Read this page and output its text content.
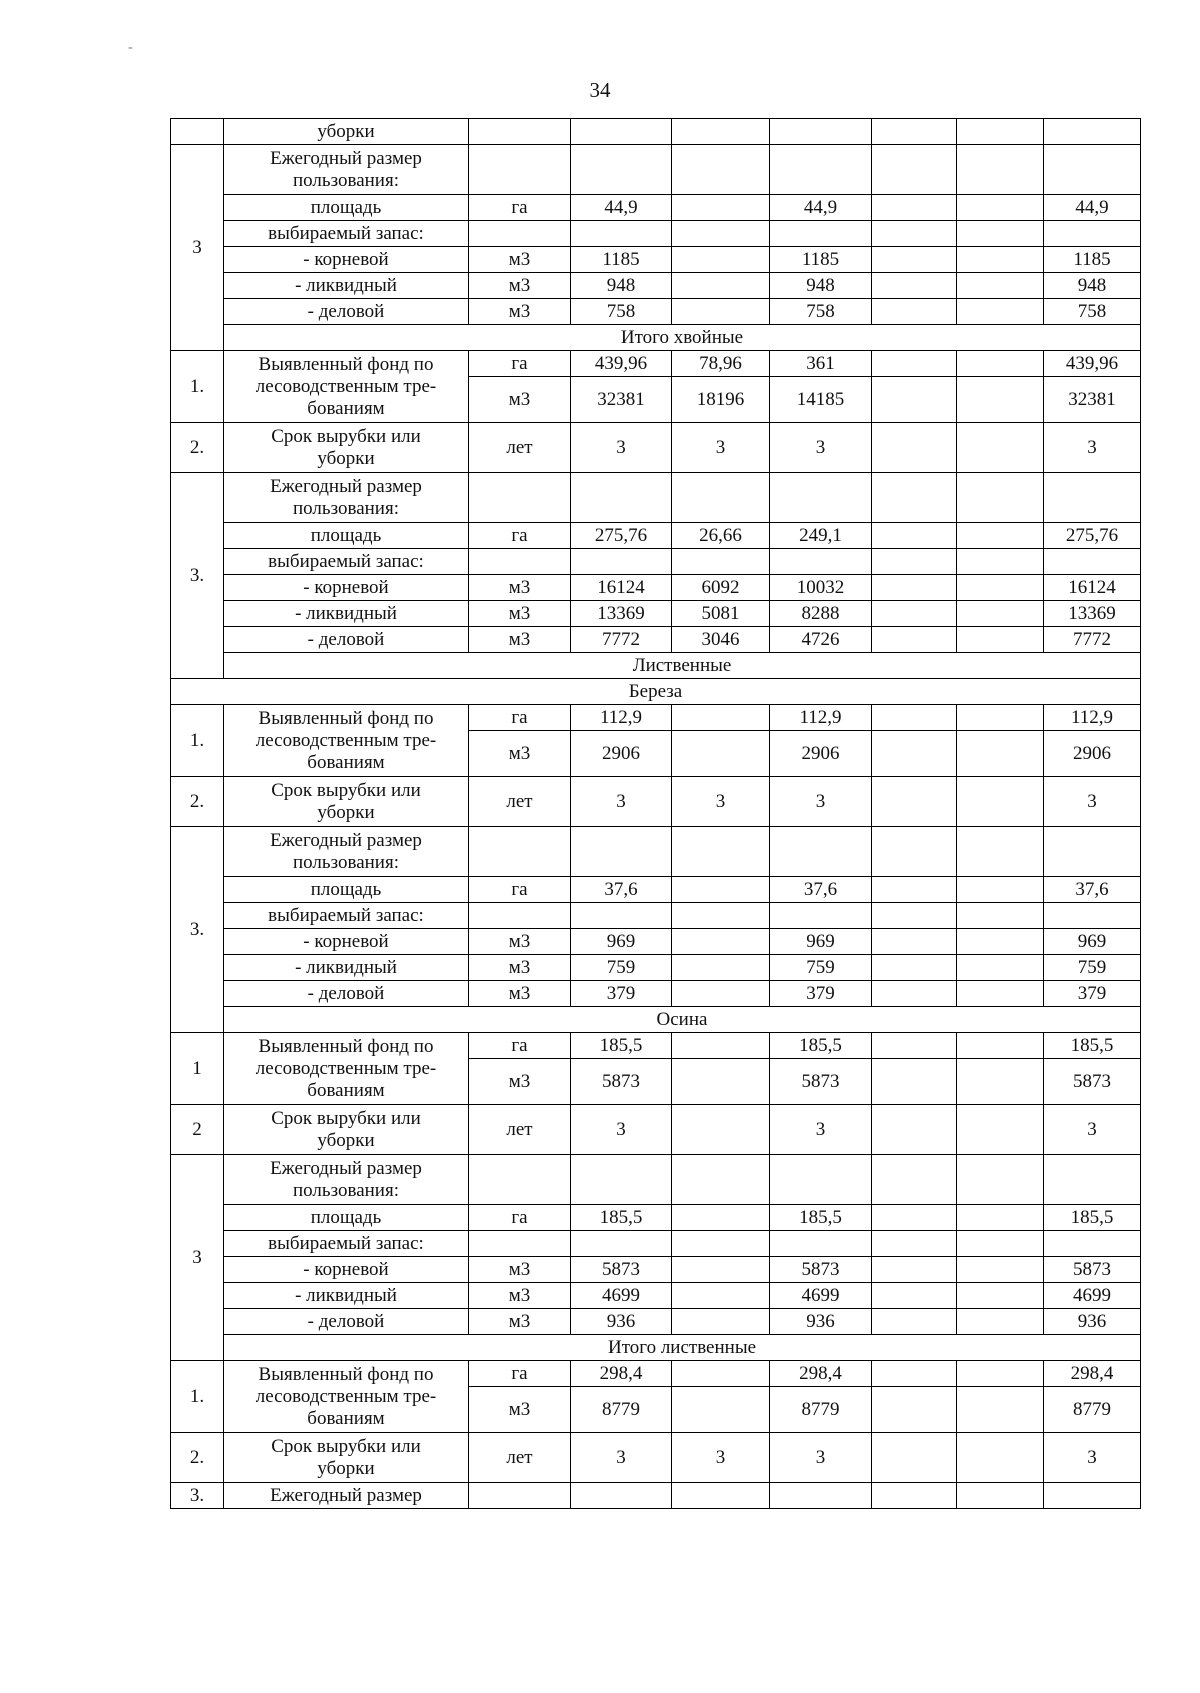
-
34
	уборки							
3	Ежегодный размер
пользования:							
	площадь	га	44,9		44,9			44,9
	выбираемый запас:							
	- корневой	м3	1185		1185			1185
	- ликвидный	м3	948		948			948
	- деловой	м3	758		758			758
	Итого хвойные							
1.	Выявленный фонд по
лесоводственным тре-
бованиям	га	439,96	78,96	361			439,96
		м3	32381	18196	14185			32381
2.	Срок вырубки или
уборки	лет	3	3	3			3
3.	Ежегодный размер
пользования:							
	площадь	га	275,76	26,66	249,1			275,76
	выбираемый запас:							
	- корневой	м3	16124	6092	10032			16124
	- ликвидный	м3	13369	5081	8288			13369
	- деловой	м3	7772	3046	4726			7772
	Лиственные							
Береза								
1.	Выявленный фонд по
лесоводственным тре-
бованиям	га	112,9		112,9			112,9
		м3	2906		2906			2906
2.	Срок вырубки или
уборки	лет	3	3	3			3
3.	Ежегодный размер
пользования:							
	площадь	га	37,6		37,6			37,6
	выбираемый запас:							
	- корневой	м3	969		969			969
	- ликвидный	м3	759		759			759
	- деловой	м3	379		379			379
	Осина							
1	Выявленный фонд по
лесоводственным тре-
бованиям	га	185,5		185,5			185,5
		м3	5873		5873			5873
2	Срок вырубки или
уборки	лет	3		3			3
3	Ежегодный размер
пользования:							
	площадь	га	185,5		185,5			185,5
	выбираемый запас:							
	- корневой	м3	5873		5873			5873
	- ликвидный	м3	4699		4699			4699
	- деловой	м3	936		936			936
	Итого лиственные							
1.	Выявленный фонд по
лесоводственным тре-
бованиям	га	298,4		298,4			298,4
		м3	8779		8779			8779
2.	Срок вырубки или
уборки	лет	3	3	3			3
3.	Ежегодный размер							
